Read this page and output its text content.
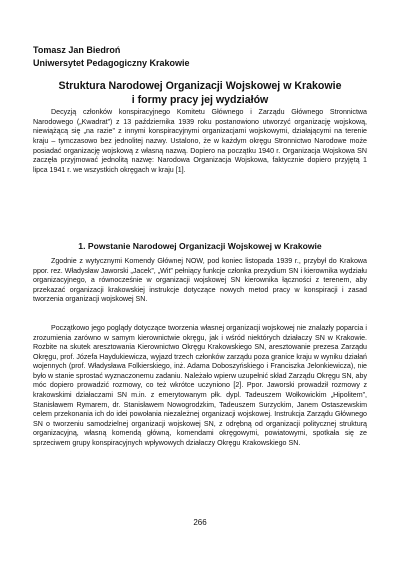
Tomasz Jan Biedroń
Uniwersytet Pedagogiczny Krakowie
Struktura Narodowej Organizacji Wojskowej w Krakowie
i formy pracy jej wydziałów

Decyzją członków konspiracyjnego Komitetu Głównego i Zarządu Głównego Stronnictwa Narodowego („Kwadrat”) z 13 października 1939 roku postanowiono utworzyć organizację wojskową, niewiążącą się „na razie” z innymi konspiracyjnymi organizacjami wojskowymi, działającymi na terenie kraju – tymczasowo bez jednolitej nazwy. Ustalono, że w każdym okręgu Stronnictwo Narodowe może posiadać organizację wojskową z własną nazwą. Dopiero na początku 1940 r. Organizacja Wojskowa SN zaczęła przyjmować jednolitą nazwę: Narodowa Organizacja Wojskowa, faktycznie dopiero przyjętą 1 lipca 1941 r. we wszystkich okręgach w kraju [1].

1. Powstanie Narodowej Organizacji Wojskowej w Krakowie

Zgodnie z wytycznymi Komendy Głównej NOW, pod koniec listopada 1939 r., przybył do Krakowa ppor. rez. Władysław Jaworski „Jacek”, „Wit” pełniący funkcje członka prezydium SN i kierownika wydziału organizacyjnego, a równocześnie w organizacji wojskowej SN kierownika łączności z terenem, aby przekazać organizacji krakowskiej instrukcje dotyczące nowych metod pracy w konspiracji i zasad tworzenia organizacji wojskowej SN.

Początkowo jego poglądy dotyczące tworzenia własnej organizacji wojskowej nie znalazły poparcia i zrozumienia zarówno w samym kierownictwie okręgu, jak i wśród niektórych działaczy SN w Krakowie. Rozbite na skutek aresztowania Kierownictwo Okręgu Krakowskiego SN, aresztowanie prezesa Zarządu Okręgu, prof. Józefa Haydukiewicza, wyjazd trzech członków zarządu poza granice kraju w wyniku działań wojennych (prof. Władysława Folkierskiego, inż. Adama Doboszyńskiego i Franciszka Jelonkiewicza), nie było w stanie sprostać wyznaczonemu zadaniu. Należało wpierw uzupełnić skład Zarządu Okręgu SN, aby móc dopiero prowadzić rozmowy, co też wkrótce uczyniono [2]. Ppor. Jaworski prowadził rozmowy z krakowskimi działaczami SN m.in. z emerytowanym płk. dypl. Tadeuszem Wołkowickim „Hipolitem”, Stanisławem Rymarem, dr. Stanisławem Nowogrodzkim, Tadeuszem Surzyckim, Janem Ostaszewskim celem przekonania ich do idei powołania niezależnej organizacji wojskowej. Instrukcja Zarządu Głównego SN o tworzeniu samodzielnej organizacji wojskowej SN, z odrębną od organizacji politycznej strukturą organizacyjną, własną komendą główną, komendami okręgowymi, powiatowymi, spotkała się ze sprzeciwem grupy konspiracyjnych wpływowych działaczy Okręgu Krakowskiego SN.

266
